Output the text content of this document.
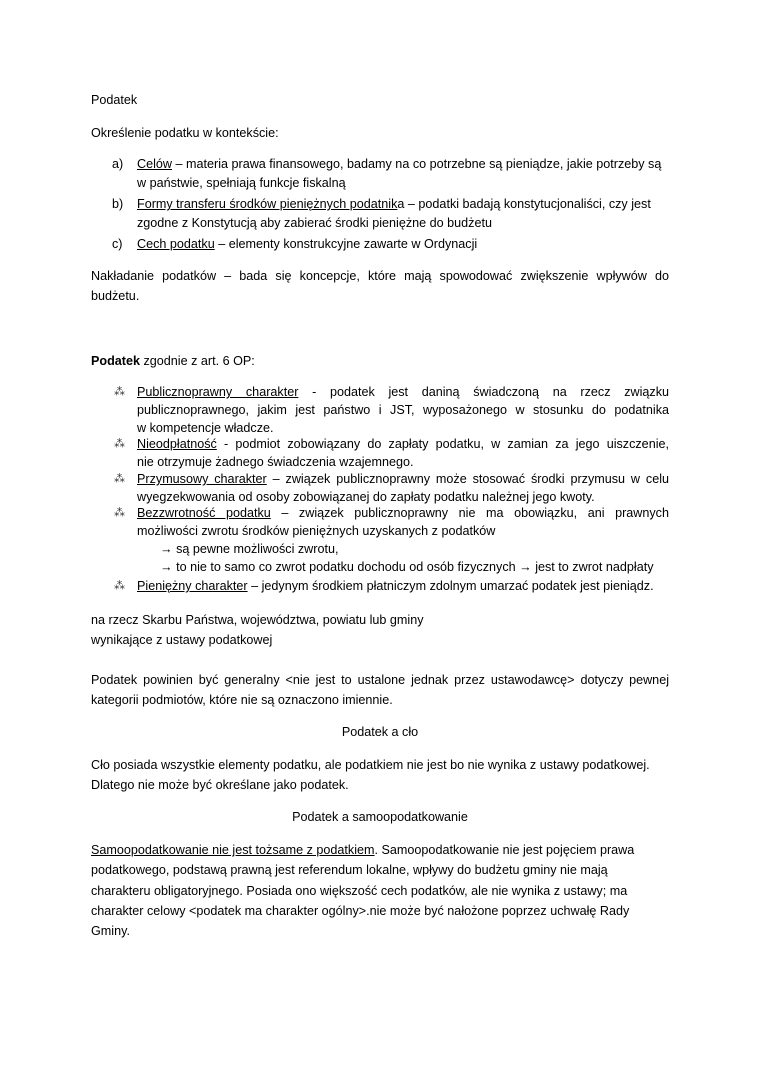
Podatek
Określenie podatku w kontekście:
a) Celów – materia prawa finansowego, badamy na co potrzebne są pieniądze, jakie potrzeby są
w państwie, spełniają funkcje fiskalną
b) Formy transferu środków pieniężnych podatnika – podatki badają konstytucjonaliści, czy jest
zgodne z Konstytucją aby zabierać środki pieniężne do budżetu
c) Cech podatku – elementy konstrukcyjne zawarte w Ordynacji
Nakładanie podatków – bada się koncepcje, które mają spowodować zwiększenie wpływów do
budżetu.
Podatek zgodnie z art. 6 OP:
⁂ Publicznoprawny charakter - podatek jest daniną świadczoną na rzecz związku
publicznoprawnego, jakim jest państwo i JST, wyposażonego w stosunku do podatnika
w kompetencje władcze.
⁂ Nieodpłatność - podmiot zobowiązany do zapłaty podatku, w zamian za jego uiszczenie,
nie otrzymuje żadnego świadczenia wzajemnego.
⁂ Przymusowy charakter – związek publicznoprawny może stosować środki przymusu w celu
wyegzekwowania od osoby zobowiązanej do zapłaty podatku należnej jego kwoty.
⁂ Bezzwrotność podatku – związek publicznoprawny nie ma obowiązku, ani prawnych
możliwości zwrotu środków pieniężnych uzyskanych z podatków
→ są pewne możliwości zwrotu,
→ to nie to samo co zwrot podatku dochodu od osób fizycznych → jest to zwrot nadpłaty
⁂ Pieniężny charakter – jedynym środkiem płatniczym zdolnym umarzać podatek jest pieniądz.
na rzecz Skarbu Państwa, województwa, powiatu lub gminy
wynikające z ustawy podatkowej
Podatek powinien być generalny <nie jest to ustalone jednak przez ustawodawcę> dotyczy pewnej
kategorii podmiotów, które nie są oznaczono imiennie.
Podatek a cło
Cło posiada wszystkie elementy podatku, ale podatkiem nie jest bo nie wynika z ustawy podatkowej.
Dlatego nie może być określane jako podatek.
Podatek a samoopodatkowanie
Samoopodatkowanie nie jest tożsame z podatkiem. Samoopodatkowanie nie jest pojęciem prawa
podatkowego, podstawą prawną jest referendum lokalne, wpływy do budżetu gminy nie mają
charakteru obligatoryjnego. Posiada ono większość cech podatków, ale nie wynika z ustawy; ma
charakter celowy <podatek ma charakter ogólny>.nie może być nałożone poprzez uchwałę Rady
Gminy.
